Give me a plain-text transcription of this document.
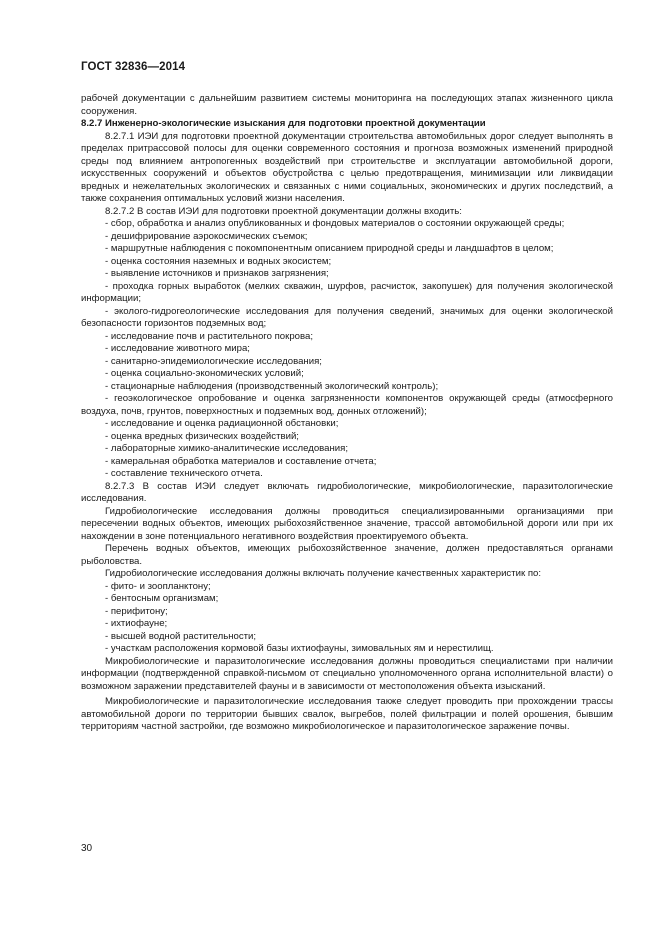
ГОСТ 32836—2014

рабочей документации с дальнейшим развитием системы мониторинга на последующих этапах жизненного цикла сооружения.

8.2.7 Инженерно-экологические изыскания для подготовки проектной документации

8.2.7.1 ИЭИ для подготовки проектной документации строительства автомобильных дорог следует выполнять в пределах притрассовой полосы для оценки современного состояния и прогноза возможных изменений природной среды под влиянием антропогенных воздействий при строительстве и эксплуатации автомобильной дороги, искусственных сооружений и объектов обустройства с целью предотвращения, минимизации или ликвидации вредных и нежелательных экологических и связанных с ними социальных, экономических и других последствий, а также сохранения оптимальных условий жизни населения.

8.2.7.2 В состав ИЭИ для подготовки проектной документации должны входить:

- сбор, обработка и анализ опубликованных и фондовых материалов о состоянии окружающей среды;

- дешифрирование аэрокосмических съемок;

- маршрутные наблюдения с покомпонентным описанием природной среды и ландшафтов в целом;

- оценка состояния наземных и водных экосистем;

- выявление источников и признаков загрязнения;

- проходка горных выработок (мелких скважин, шурфов, расчисток, закопушек) для получения экологической информации;

- эколого-гидрогеологические исследования для получения сведений, значимых для оценки экологической безопасности горизонтов подземных вод;

- исследование почв и растительного покрова;

- исследование животного мира;

- санитарно-эпидемиологические исследования;

- оценка социально-экономических условий;

- стационарные наблюдения (производственный экологический контроль);

- геоэкологическое опробование и оценка загрязненности компонентов окружающей среды (атмосферного воздуха, почв, грунтов, поверхностных и подземных вод, донных отложений);

- исследование и оценка радиационной обстановки;

- оценка вредных физических воздействий;

- лабораторные химико-аналитические исследования;

- камеральная обработка материалов и составление отчета;

- составление технического отчета.

8.2.7.3 В состав ИЭИ следует включать гидробиологические, микробиологические, паразитологические исследования.

Гидробиологические исследования должны проводиться специализированными организациями при пересечении водных объектов, имеющих рыбохозяйственное значение, трассой автомобильной дороги или при их нахождении в зоне потенциального негативного воздействия проектируемого объекта.

Перечень водных объектов, имеющих рыбохозяйственное значение, должен предоставляться органами рыболовства.

Гидробиологические исследования должны включать получение качественных характеристик по:

- фито- и зоопланктону;

- бентосным организмам;

- перифитону;

- ихтиофауне;

- высшей водной растительности;

- участкам расположения кормовой базы ихтиофауны, зимовальных ям и нерестилищ.

Микробиологические и паразитологические исследования должны проводиться специалистами при наличии информации (подтвержденной справкой-письмом от специально уполномоченного органа исполнительной власти) о возможном заражении представителей фауны и в зависимости от местоположения объекта изысканий.

Микробиологические и паразитологические исследования также следует проводить при прохождении трассы автомобильной дороги по территории бывших свалок, выгребов, полей фильтрации и полей орошения, бывшим территориям частной застройки, где возможно микробиологическое и паразитологическое заражение почвы.

30
